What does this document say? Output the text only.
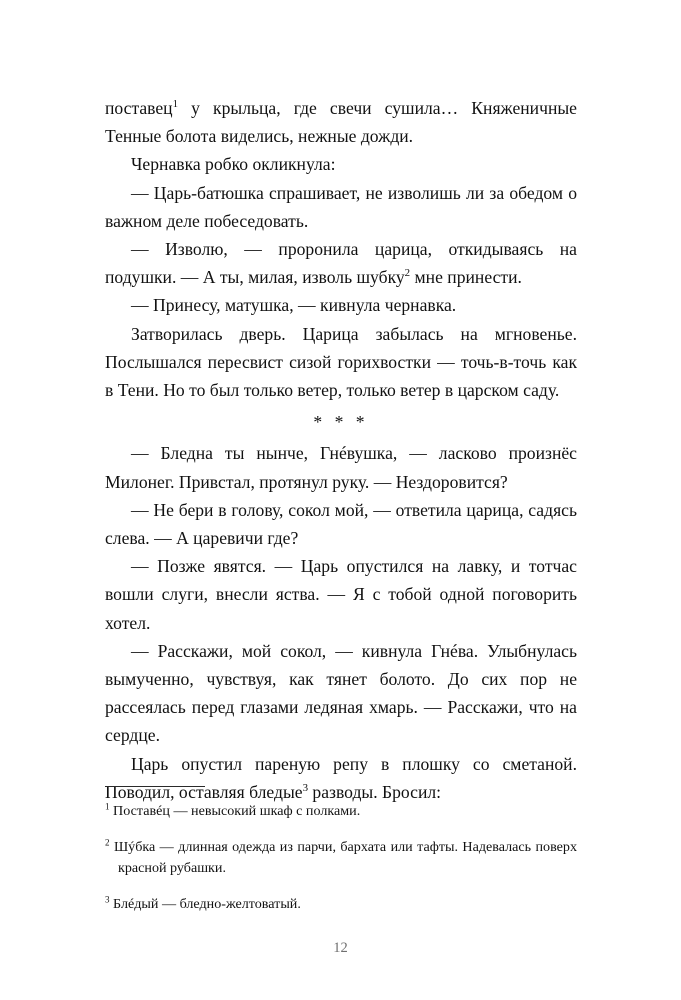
поставец$^1$ у крыльца, где свечи сушила… Княженичные Тенные болота виделись, нежные дожди.

Чернавка робко окликнула:

— Царь-батюшка спрашивает, не изволишь ли за обедом о важном деле побеседовать.

— Изволю, — проронила царица, откидываясь на подушки. — А ты, милая, изволь шубку$^2$ мне принести.

— Принесу, матушка, — кивнула чернавка.

Затворилась дверь. Царица забылась на мгновенье. Послышался пересвист сизой горихвостки — точь-в-точь как в Тени. Но то был только ветер, только ветер в царском саду.

* * *

— Бледна ты нынче, Гнéвушка, — ласково произнёс Милонег. Привстал, протянул руку. — Нездоровится?

— Не бери в голову, сокол мой, — ответила царица, садясь слева. — А царевичи где?

— Позже явятся. — Царь опустился на лавку, и тотчас вошли слуги, внесли яства. — Я с тобой одной поговорить хотел.

— Расскажи, мой сокол, — кивнула Гнéва. Улыбнулась вымученно, чувствуя, как тянет болото. До сих пор не рассеялась перед глазами ледяная хмарь. — Расскажи, что на сердце.

Царь опустил пареную репу в плошку со сметаной. Поводил, оставляя бледые$^3$ разводы. Бросил:

$^1$ Поставéц — невысокий шкаф с полками.

$^2$ Шýбка — длинная одежда из парчи, бархата или тафты. Надевалась поверх красной рубашки.

$^3$ Блéдый — бледно-желтоватый.

12
